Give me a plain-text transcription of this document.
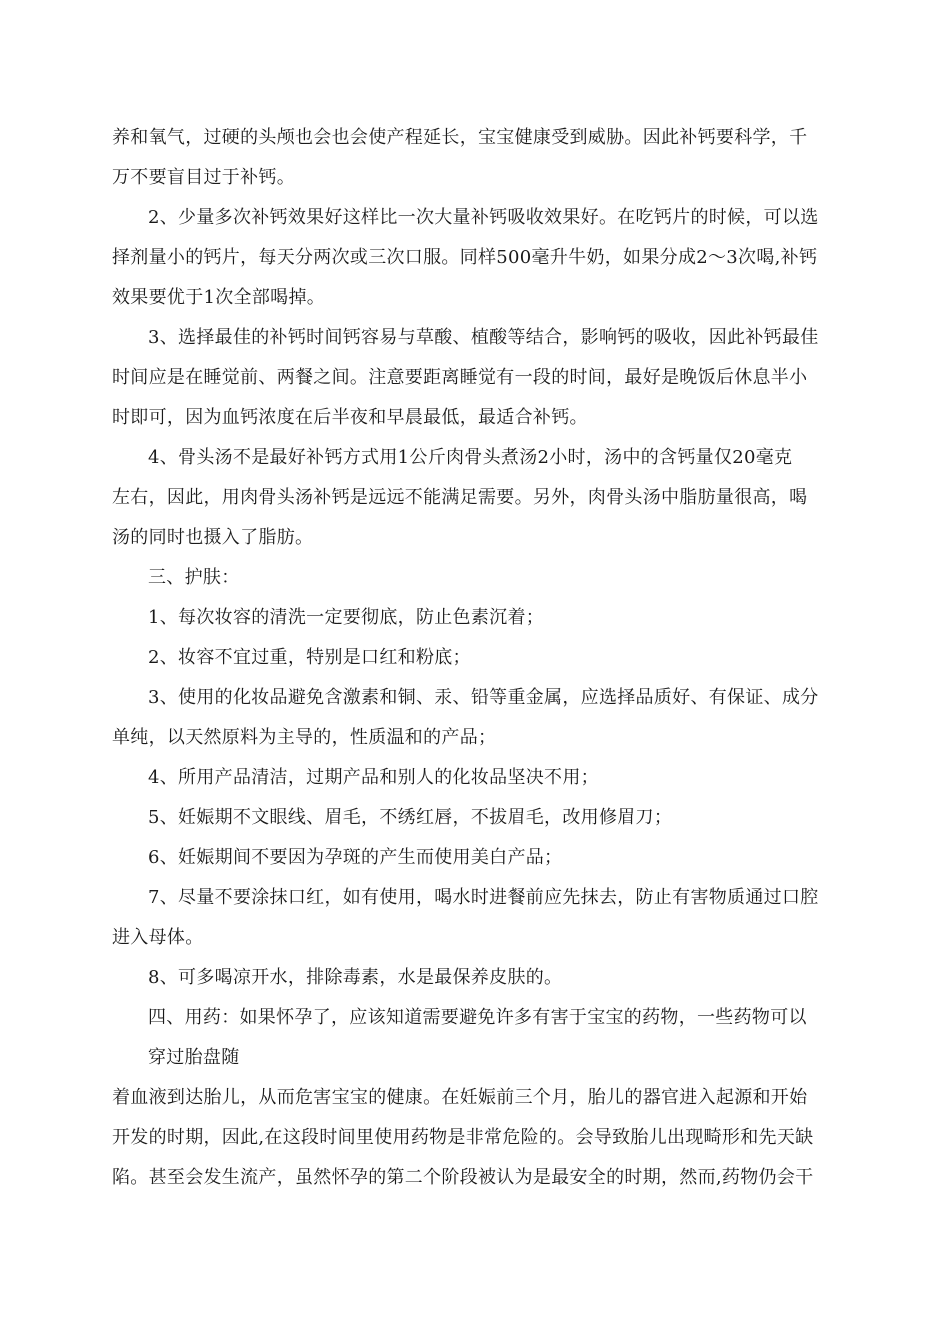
养和氧气，过硬的头颅也会也会使产程延长，宝宝健康受到威胁。因此补钙要科学，千
万不要盲目过于补钙。
2、少量多次补钙效果好这样比一次大量补钙吸收效果好。在吃钙片的时候，可以选
择剂量小的钙片，每天分两次或三次口服。同样500毫升牛奶，如果分成2～3次喝,补钙
效果要优于1次全部喝掉。
3、选择最佳的补钙时间钙容易与草酸、植酸等结合，影响钙的吸收，因此补钙最佳
时间应是在睡觉前、两餐之间。注意要距离睡觉有一段的时间，最好是晚饭后休息半小
时即可，因为血钙浓度在后半夜和早晨最低，最适合补钙。
4、骨头汤不是最好补钙方式用1公斤肉骨头煮汤2小时，汤中的含钙量仅20毫克
左右，因此，用肉骨头汤补钙是远远不能满足需要。另外，肉骨头汤中脂肪量很高，喝
汤的同时也摄入了脂肪。
三、护肤：
1、每次妆容的清洗一定要彻底，防止色素沉着；
2、妆容不宜过重，特别是口红和粉底；
3、使用的化妆品避免含激素和铜、汞、铅等重金属，应选择品质好、有保证、成分
单纯，以天然原料为主导的，性质温和的产品；
4、所用产品清洁，过期产品和别人的化妆品坚决不用；
5、妊娠期不文眼线、眉毛，不绣红唇，不拔眉毛，改用修眉刀；
6、妊娠期间不要因为孕斑的产生而使用美白产品；
7、尽量不要涂抹口红，如有使用，喝水时进餐前应先抹去，防止有害物质通过口腔
进入母体。
8、可多喝凉开水，排除毒素，水是最保养皮肤的。
四、用药：如果怀孕了，应该知道需要避免许多有害于宝宝的药物，一些药物可以
穿过胎盘随
着血液到达胎儿，从而危害宝宝的健康。在妊娠前三个月，胎儿的器官进入起源和开始
开发的时期，因此,在这段时间里使用药物是非常危险的。会导致胎儿出现畸形和先天缺
陷。甚至会发生流产，虽然怀孕的第二个阶段被认为是最安全的时期，然而,药物仍会干
